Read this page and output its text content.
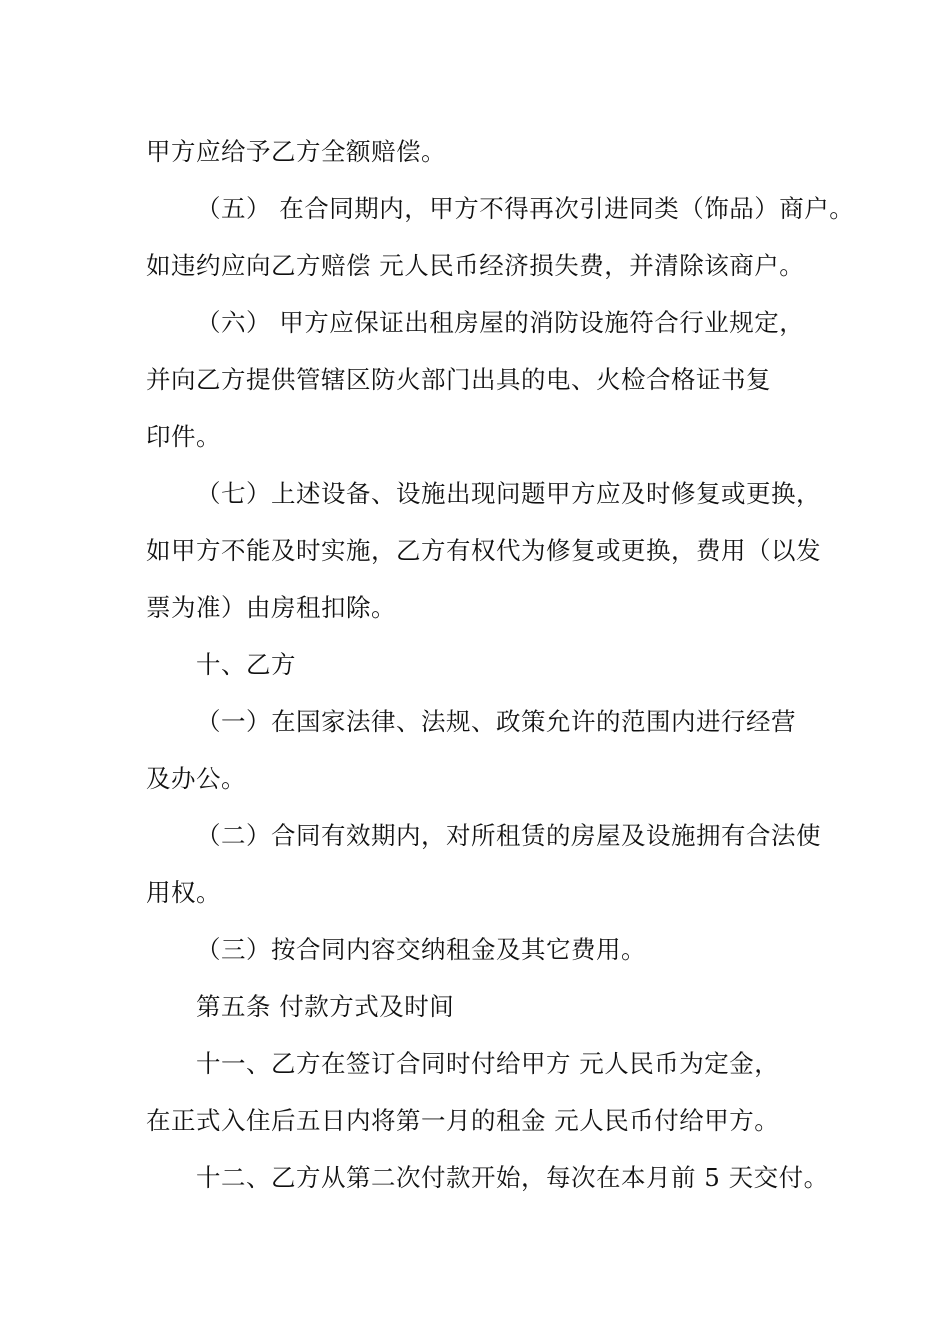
甲方应给予乙方全额赔偿。

（五） 在合同期内，甲方不得再次引进同类（饰品）商户。

如违约应向乙方赔偿 元人民币经济损失费，并清除该商户。

（六） 甲方应保证出租房屋的消防设施符合行业规定，

并向乙方提供管辖区防火部门出具的电、火检合格证书复

印件。

（七）上述设备、设施出现问题甲方应及时修复或更换，

如甲方不能及时实施，乙方有权代为修复或更换，费用（以发

票为准）由房租扣除。

十、乙方

（一）在国家法律、法规、政策允许的范围内进行经营

及办公。

（二）合同有效期内，对所租赁的房屋及设施拥有合法使

用权。

（三）按合同内容交纳租金及其它费用。

第五条 付款方式及时间

十一、乙方在签订合同时付给甲方 元人民币为定金，

在正式入住后五日内将第一月的租金 元人民币付给甲方。

十二、乙方从第二次付款开始，每次在本月前 5 天交付。
